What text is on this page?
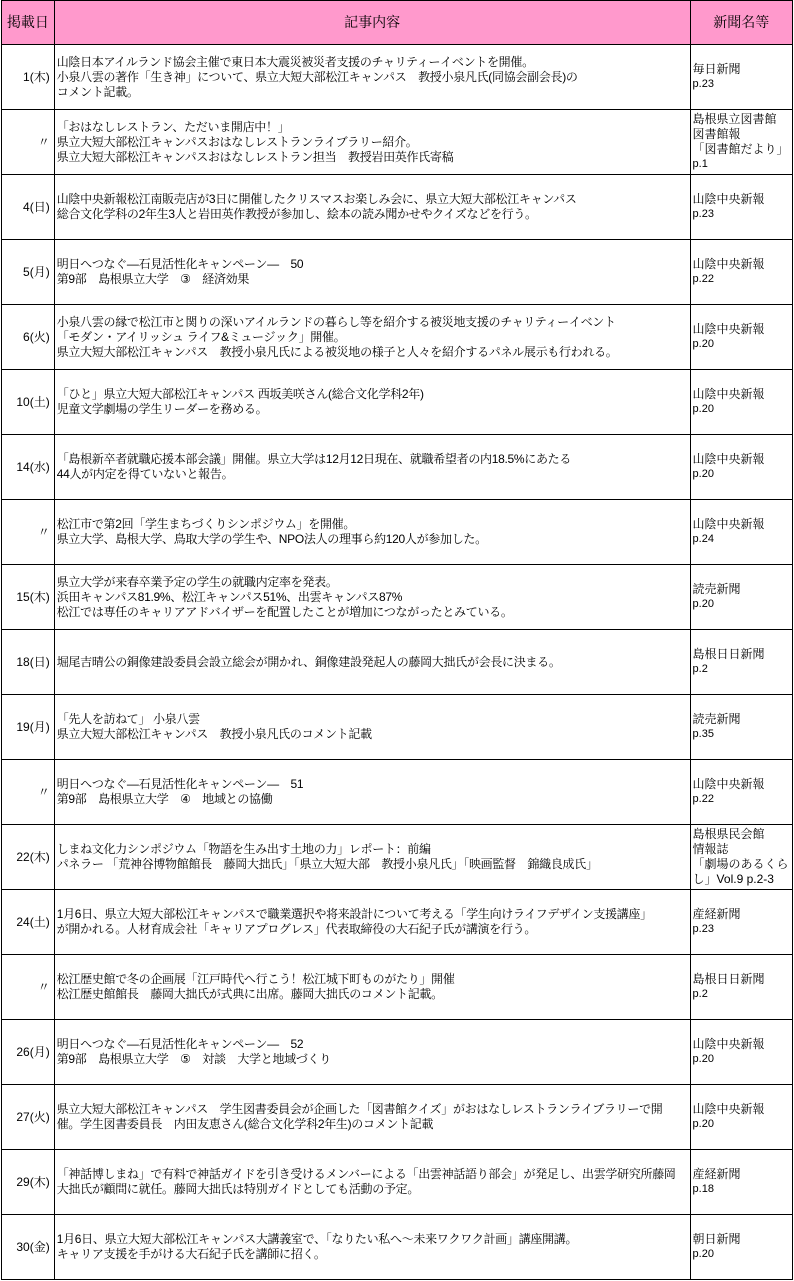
掲載日	記事内容	新聞名等
1(木)	山陰日本アイルランド協会主催で東日本大震災被災者支援のチャリティーイベントを開催。
小泉八雲の著作「生き神」について、県立大短大部松江キャンパス　教授小泉凡氏(同協会副会長)の
コメント記載。	毎日新聞
p.23

〃	「おはなしレストラン、ただいま開店中！」
県立大短大部松江キャンパスおはなしレストランライブラリー紹介。
県立大短大部松江キャンパスおはなしレストラン担当　教授岩田英作氏寄稿	島根県立図書館
図書館報
「図書館だより」
p.1

4(日)	山陰中央新報松江南販売店が3日に開催したクリスマスお楽しみ会に、県立大短大部松江キャンパス
総合文化学科の2年生3人と岩田英作教授が参加し、絵本の読み聞かせやクイズなどを行う。	山陰中央新報
p.23

5(月)	明日へつなぐ―石見活性化キャンペーン―　50
第9部　島根県立大学　③　経済効果	山陰中央新報
p.22

6(火)	小泉八雲の縁で松江市と関りの深いアイルランドの暮らし等を紹介する被災地支援のチャリティーイベント
「モダン・アイリッシュ ライフ&ミュージック」開催。
県立大短大部松江キャンパス　教授小泉凡氏による被災地の様子と人々を紹介するパネル展示も行われる。	山陰中央新報
p.20

10(土)	「ひと」県立大短大部松江キャンパス 西坂美咲さん(総合文化学科2年)
児童文学劇場の学生リーダーを務める。	山陰中央新報
p.20

14(水)	「島根新卒者就職応援本部会議」開催。県立大学は12月12日現在、就職希望者の内18.5%にあたる
44人が内定を得ていないと報告。	山陰中央新報
p.20

〃	松江市で第2回「学生まちづくりシンポジウム」を開催。
県立大学、島根大学、鳥取大学の学生や、NPO法人の理事ら約120人が参加した。	山陰中央新報
p.24

15(木)	県立大学が来春卒業予定の学生の就職内定率を発表。
浜田キャンパス81.9%、松江キャンパス51%、出雲キャンパス87%
松江では専任のキャリアアドバイザーを配置したことが増加につながったとみている。	読売新聞
p.20

18(日)	堀尾吉晴公の銅像建設委員会設立総会が開かれ、銅像建設発起人の藤岡大拙氏が会長に決まる。	島根日日新聞
p.2

19(月)	「先人を訪ねて」 小泉八雲
県立大短大部松江キャンパス　教授小泉凡氏のコメント記載	読売新聞
p.35

〃	明日へつなぐ―石見活性化キャンペーン―　51
第9部　島根県立大学　④　地域との協働	山陰中央新報
p.22

22(木)	しまね文化力シンポジウム「物語を生み出す土地の力」レポート：前編
パネラー 「荒神谷博物館館長　藤岡大拙氏」「県立大短大部　教授小泉凡氏」「映画監督　錦織良成氏」	島根県民会館
情報誌
「劇場のあるくらし」Vol.9 p.2-3
24(土)	1月6日、県立大短大部松江キャンパスで職業選択や将来設計について考える「学生向けライフデザイン支援講座」
が開かれる。人材育成会社「キャリアプログレス」代表取締役の大石紀子氏が講演を行う。	産経新聞
p.23

〃	松江歴史館で冬の企画展「江戸時代へ行こう！松江城下町ものがたり」開催
松江歴史館館長　藤岡大拙氏が式典に出席。藤岡大拙氏のコメント記載。	島根日日新聞
p.2

26(月)	明日へつなぐ―石見活性化キャンペーン―　52
第9部　島根県立大学　⑤　対談　大学と地域づくり	山陰中央新報
p.20

27(火)	県立大短大部松江キャンパス　学生図書委員会が企画した「図書館クイズ」がおはなしレストランライブラリーで開
催。学生図書委員長　内田友恵さん(総合文化学科2年生)のコメント記載	山陰中央新報
p.20

29(木)	「神話博しまね」で有料で神話ガイドを引き受けるメンバーによる「出雲神話語り部会」が発足し、出雲学研究所藤岡
大拙氏が顧問に就任。藤岡大拙氏は特別ガイドとしても活動の予定。	産経新聞
p.18

30(金)	1月6日、県立大短大部松江キャンパス大講義室で、「なりたい私へ～未来ワクワク計画」講座開講。
キャリア支援を手がける大石紀子氏を講師に招く。	朝日新聞
p.20
